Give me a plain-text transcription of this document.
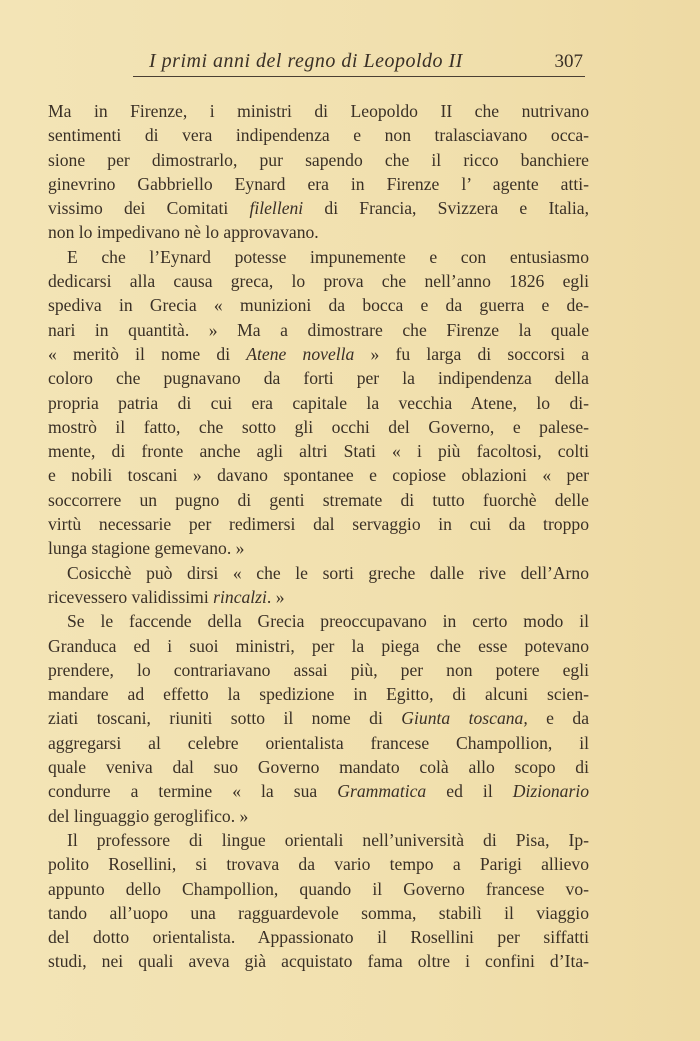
I primi anni del regno di Leopoldo II	307
Ma in Firenze, i ministri di Leopoldo II che nutrivano
sentimenti di vera indipendenza e non tralasciavano occa-
sione per dimostrarlo, pur sapendo che il ricco banchiere
ginevrino Gabbriello Eynard era in Firenze l’ agente atti-
vissimo dei Comitati filelleni di Francia, Svizzera e Italia,
non lo impedivano nè lo approvavano.
E che l’Eynard potesse impunemente e con entusiasmo
dedicarsi alla causa greca, lo prova che nell’anno 1826 egli
spediva in Grecia « munizioni da bocca e da guerra e de-
nari in quantità. » Ma a dimostrare che Firenze la quale
« meritò il nome di Atene novella » fu larga di soccorsi a
coloro che pugnavano da forti per la indipendenza della
propria patria di cui era capitale la vecchia Atene, lo di-
mostrò il fatto, che sotto gli occhi del Governo, e palese-
mente, di fronte anche agli altri Stati « i più facoltosi, colti
e nobili toscani » davano spontanee e copiose oblazioni « per
soccorrere un pugno di genti stremate di tutto fuorchè delle
virtù necessarie per redimersi dal servaggio in cui da troppo
lunga stagione gemevano. »
Cosicchè può dirsi « che le sorti greche dalle rive dell’Arno
ricevessero validissimi rincalzi. »
Se le faccende della Grecia preoccupavano in certo modo il
Granduca ed i suoi ministri, per la piega che esse potevano
prendere, lo contrariavano assai più, per non potere egli
mandare ad effetto la spedizione in Egitto, di alcuni scien-
ziati toscani, riuniti sotto il nome di Giunta toscana, e da
aggregarsi al celebre orientalista francese Champollion, il
quale veniva dal suo Governo mandato colà allo scopo di
condurre a termine « la sua Grammatica ed il Dizionario
del linguaggio geroglifico. »
Il professore di lingue orientali nell’università di Pisa, Ip-
polito Rosellini, si trovava da vario tempo a Parigi allievo
appunto dello Champollion, quando il Governo francese vo-
tando all’uopo una ragguardevole somma, stabilì il viaggio
del dotto orientalista. Appassionato il Rosellini per siffatti
studi, nei quali aveva già acquistato fama oltre i confini d’Ita-
